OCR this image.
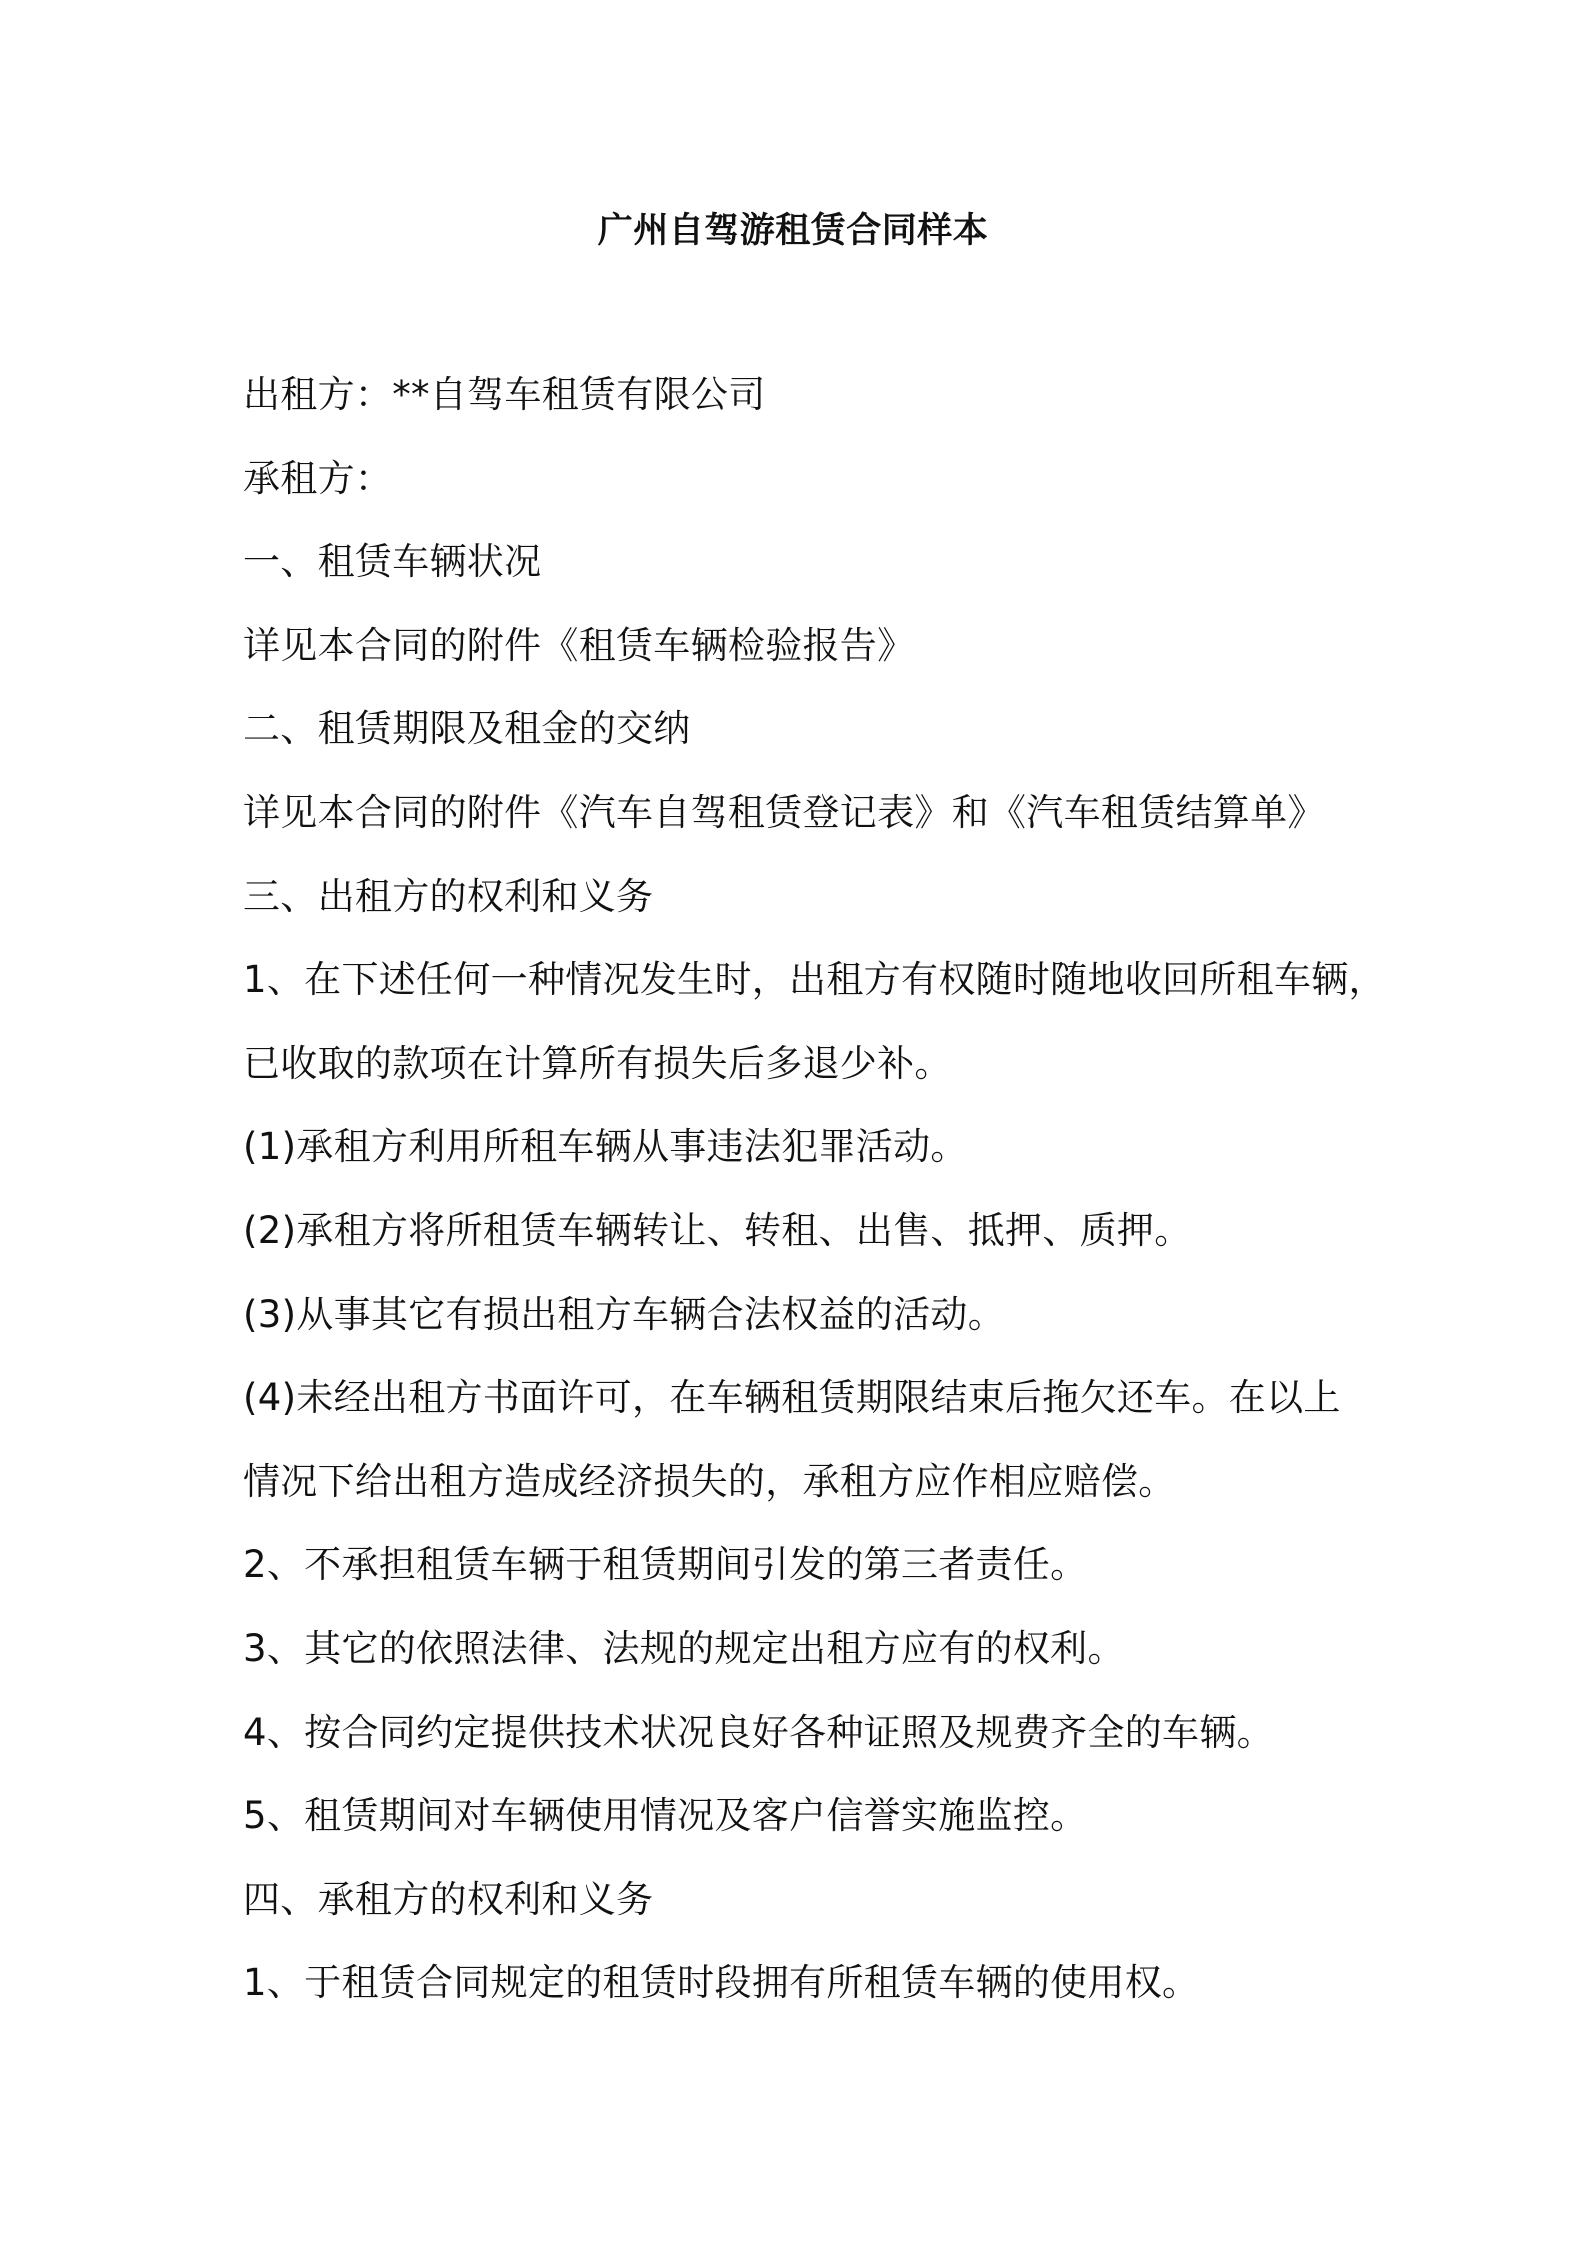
广州自驾游租赁合同样本
出租方：**自驾车租赁有限公司
承租方：
一、租赁车辆状况
详见本合同的附件《租赁车辆检验报告》
二、租赁期限及租金的交纳
详见本合同的附件《汽车自驾租赁登记表》和《汽车租赁结算单》
三、出租方的权利和义务
1、在下述任何一种情况发生时，出租方有权随时随地收回所租车辆，
已收取的款项在计算所有损失后多退少补。
(1)承租方利用所租车辆从事违法犯罪活动。
(2)承租方将所租赁车辆转让、转租、出售、抵押、质押。
(3)从事其它有损出租方车辆合法权益的活动。
(4)未经出租方书面许可，在车辆租赁期限结束后拖欠还车。在以上
情况下给出租方造成经济损失的，承租方应作相应赔偿。
2、不承担租赁车辆于租赁期间引发的第三者责任。
3、其它的依照法律、法规的规定出租方应有的权利。
4、按合同约定提供技术状况良好各种证照及规费齐全的车辆。
5、租赁期间对车辆使用情况及客户信誉实施监控。
四、承租方的权利和义务
1、于租赁合同规定的租赁时段拥有所租赁车辆的使用权。
